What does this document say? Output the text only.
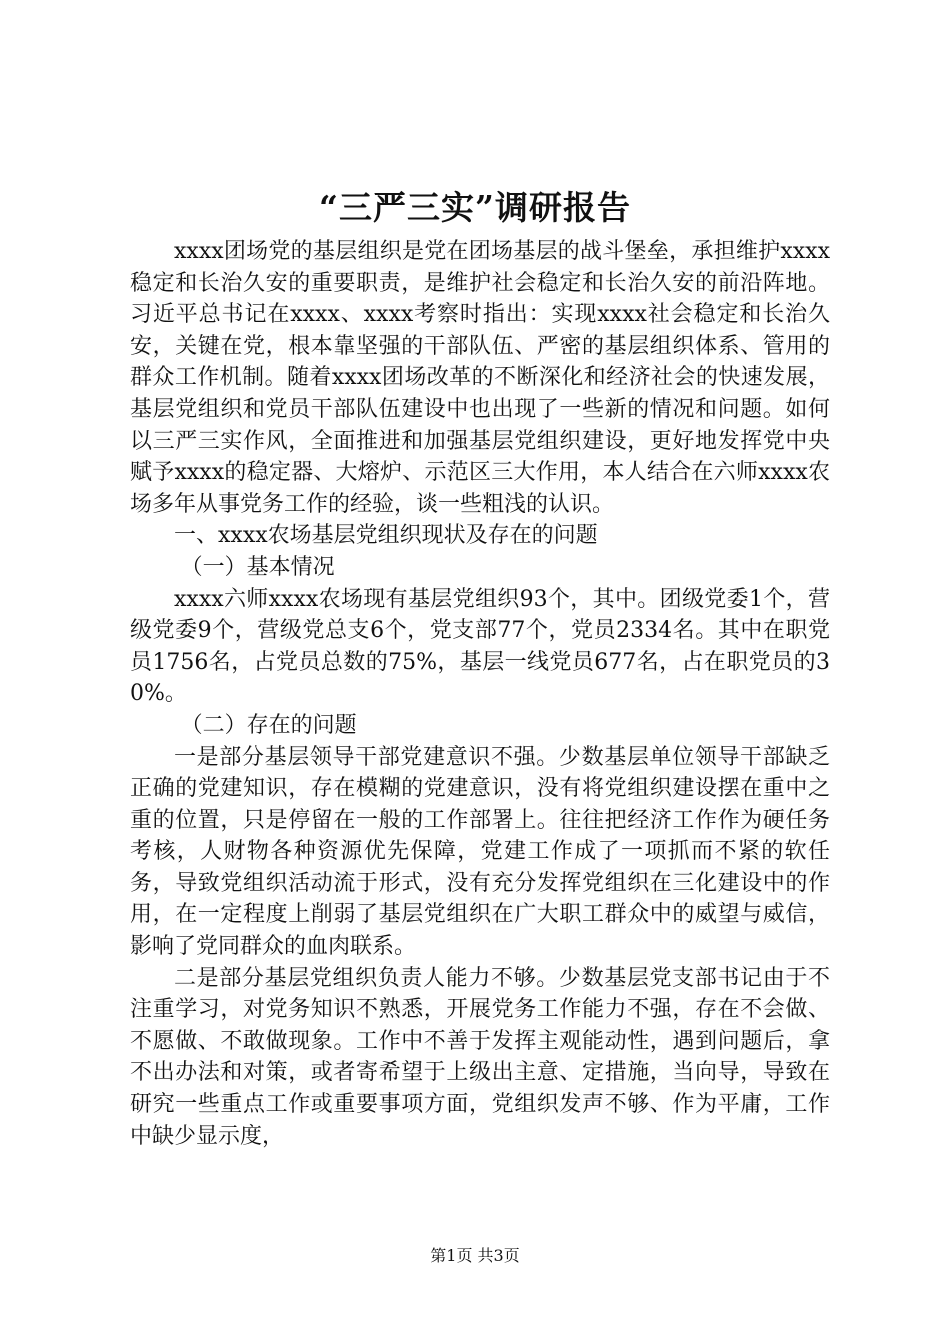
“三严三实”调研报告

xxxx团场党的基层组织是党在团场基层的战斗堡垒，承担维护xxxx稳定和长治久安的重要职责，是维护社会稳定和长治久安的前沿阵地。习近平总书记在xxxx、xxxx考察时指出：实现xxxx社会稳定和长治久安，关键在党，根本靠坚强的干部队伍、严密的基层组织体系、管用的群众工作机制。随着xxxx团场改革的不断深化和经济社会的快速发展，基层党组织和党员干部队伍建设中也出现了一些新的情况和问题。如何以三严三实作风，全面推进和加强基层党组织建设，更好地发挥党中央赋予xxxx的稳定器、大熔炉、示范区三大作用，本人结合在六师xxxx农场多年从事党务工作的经验，谈一些粗浅的认识。

一、xxxx农场基层党组织现状及存在的问题

（一）基本情况

xxxx六师xxxx农场现有基层党组织93个，其中。团级党委1个，营级党委9个，营级党总支6个，党支部77个，党员2334名。其中在职党员1756名，占党员总数的75%，基层一线党员677名，占在职党员的30%。

（二）存在的问题

一是部分基层领导干部党建意识不强。少数基层单位领导干部缺乏正确的党建知识，存在模糊的党建意识，没有将党组织建设摆在重中之重的位置，只是停留在一般的工作部署上。往往把经济工作作为硬任务考核，人财物各种资源优先保障，党建工作成了一项抓而不紧的软任务，导致党组织活动流于形式，没有充分发挥党组织在三化建设中的作用，在一定程度上削弱了基层党组织在广大职工群众中的威望与威信，影响了党同群众的血肉联系。

二是部分基层党组织负责人能力不够。少数基层党支部书记由于不注重学习，对党务知识不熟悉，开展党务工作能力不强，存在不会做、不愿做、不敢做现象。工作中不善于发挥主观能动性，遇到问题后，拿不出办法和对策，或者寄希望于上级出主意、定措施，当向导，导致在研究一些重点工作或重要事项方面，党组织发声不够、作为平庸，工作中缺少显示度，

第1页 共3页
